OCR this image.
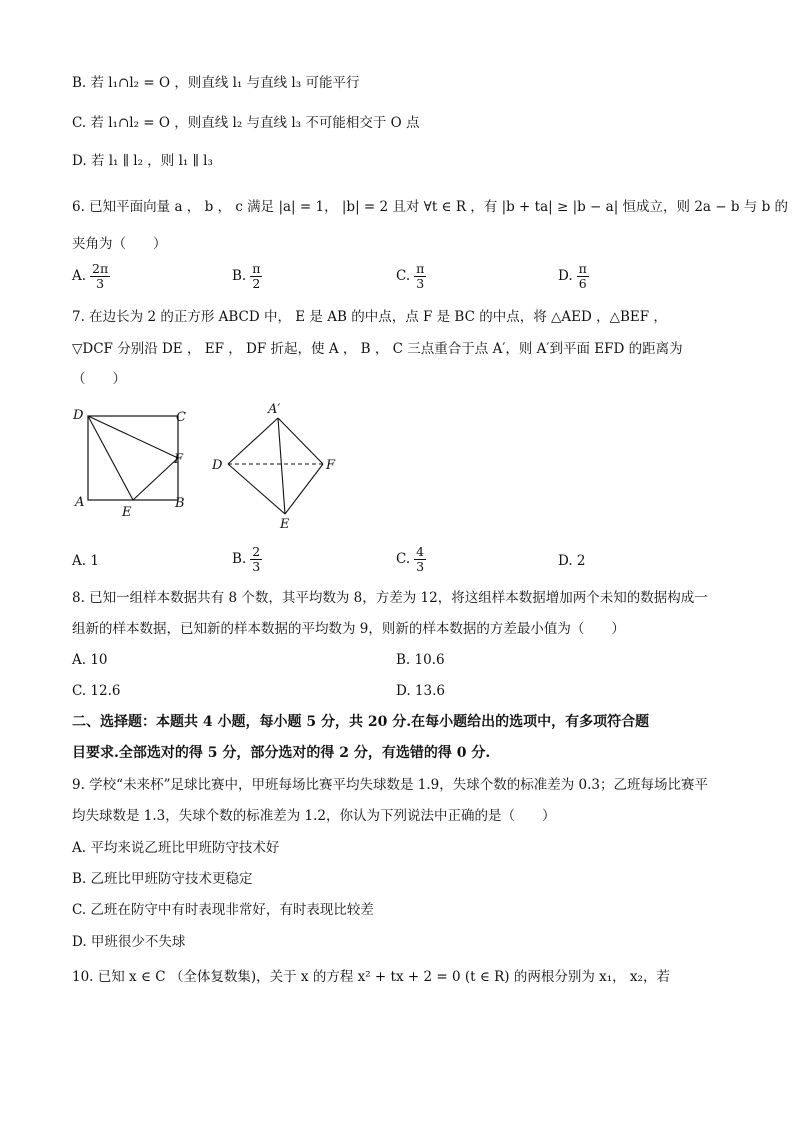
B. 若 l₁∩l₂ = O ，则直线 l₁ 与直线 l₃ 可能平行
C. 若 l₁∩l₂ = O ，则直线 l₂ 与直线 l₃ 不可能相交于 O 点
D. 若 l₁ ∥ l₂ ，则 l₁ ∥ l₃
6. 已知平面向量 a ， b ， c 满足 |a| = 1， |b| = 2 且对 ∀t ∈ R ，有 |b + ta| ≥ |b − a| 恒成立，则 2a − b 与 b 的
夹角为（　　）
A. $\frac{2\pi}{3}$	B. $\frac{\pi}{2}$	C. $\frac{\pi}{3}$	D. $\frac{\pi}{6}$
7. 在边长为 2 的正方形 ABCD 中， E 是 AB 的中点，点 F 是 BC 的中点，将 △AED ，△BEF ，
▽DCF 分别沿 DE ， EF ， DF 折起，使 A ， B ， C 三点重合于点 A′，则 A′到平面 EFD 的距离为
（　　）
D	C
F
A
E
B
A′
D	F
E
A. 1	B. $\frac{2}{3}$	C. $\frac{4}{3}$	D. 2
8. 已知一组样本数据共有 8 个数，其平均数为 8，方差为 12，将这组样本数据增加两个未知的数据构成一
组新的样本数据，已知新的样本数据的平均数为 9，则新的样本数据的方差最小值为（　　）
A. 10	B. 10.6
C. 12.6	D. 13.6
二、选择题：本题共 4 小题，每小题 5 分，共 20 分.在每小题给出的选项中，有多项符合题
目要求.全部选对的得 5 分，部分选对的得 2 分，有选错的得 0 分.
9. 学校“未来杯”足球比赛中，甲班每场比赛平均失球数是 1.9，失球个数的标准差为 0.3；乙班每场比赛平
均失球数是 1.3，失球个数的标准差为 1.2，你认为下列说法中正确的是（　　）
A. 平均来说乙班比甲班防守技术好
B. 乙班比甲班防守技术更稳定
C. 乙班在防守中有时表现非常好，有时表现比较差
D. 甲班很少不失球
10. 已知 x ∈ C （全体复数集)，关于 x 的方程 x² + tx + 2 = 0 (t ∈ R) 的两根分别为 x₁， x₂，若
